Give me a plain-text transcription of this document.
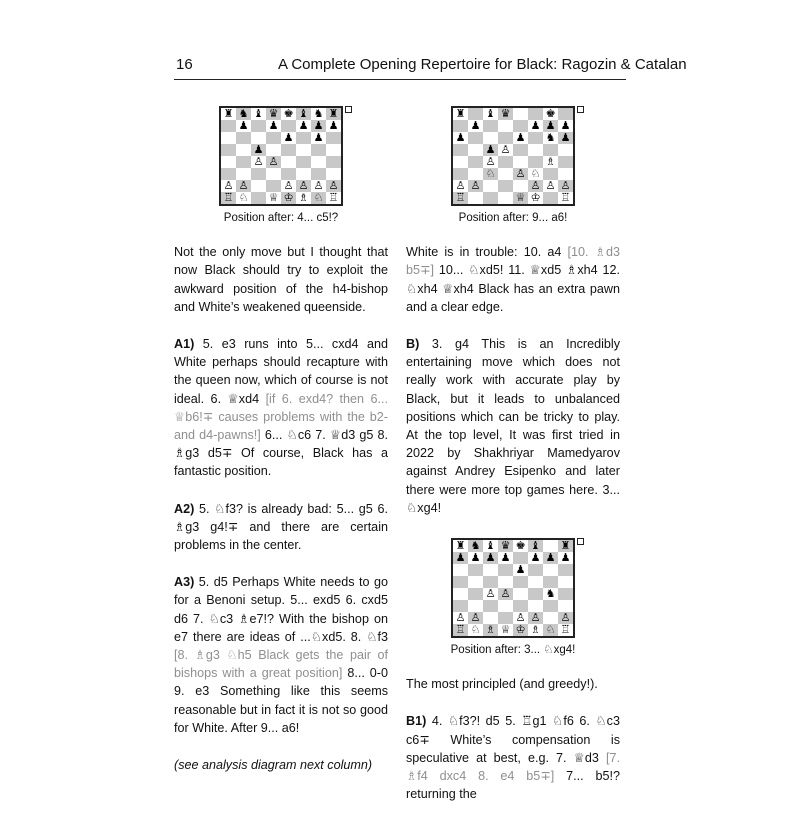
16	A Complete Opening Repertoire for Black: Ragozin & Catalan
♜ ♞ ♝ ♛ ♚ ♝ ♞ ♜
♟ ♟ ♟ ♟ ♟
♟ ♟
♟
♙ ♙
♙ ♙	♙ ♙ ♙ ♙
♖ ♘ ♕ ♔ ♗ ♘ ♖
Position after: 4... c5!?

Not the only move but I thought that now Black should try to exploit the awkward position of the h4-bishop and White’s weakened queenside.

A1) 5. e3 runs into 5... cxd4 and White perhaps should recapture with the queen now, which of course is not ideal. 6. ♕xd4 [if 6. exd4? then 6... ♕b6!∓ causes problems with the b2- and d4-pawns!] 6... ♘c6 7. ♕d3 g5 8. ♗g3 d5∓ Of course, Black has a fantastic position.

A2) 5. ♘f3? is already bad: 5... g5 6. ♗g3 g4!∓ and there are certain problems in the center.

A3) 5. d5 Perhaps White needs to go for a Benoni setup. 5... exd5 6. cxd5 d6 7. ♘c3 ♗e7!? With the bishop on e7 there are ideas of ...♘xd5. 8. ♘f3 [8. ♗g3 ♘h5 Black gets the pair of bishops with a great position] 8... 0-0 9. e3 Something like this seems reasonable but in fact it is not so good for White. After 9... a6!

(see analysis diagram next column)

♜ ♝ ♛	♚
♟	♟ ♟ ♟
♟	♟ ♞ ♟
♟ ♙
♙	♗
♘ ♙ ♘
♙ ♙	♙ ♙ ♙
♖	♕ ♔ ♖
Position after: 9... a6!

White is in trouble: 10. a4 [10. ♗d3 b5∓] 10... ♘xd5! 11. ♕xd5 ♗xh4 12. ♘xh4 ♕xh4 Black has an extra pawn and a clear edge.

B) 3. g4 This is an Incredibly entertaining move which does not really work with accurate play by Black, but it leads to unbalanced positions which can be tricky to play. At the top level, It was first tried in 2022 by Shakhriyar Mamedyarov against Andrey Esipenko and later there were more top games here. 3... ♘xg4!

♜ ♞ ♝ ♛ ♚ ♝ ♜
♟ ♟ ♟ ♟ ♟ ♟ ♟
♟
♙ ♙	♞
♙ ♙	♙ ♙ ♙
♖ ♘ ♗ ♕ ♔ ♗ ♘ ♖
Position after: 3... ♘xg4!

The most principled (and greedy!).

B1) 4. ♘f3?! d5 5. ♖g1 ♘f6 6. ♘c3 c6∓ White’s compensation is speculative at best, e.g. 7. ♕d3 [7. ♗f4 dxc4 8. e4 b5∓] 7... b5!? returning the
